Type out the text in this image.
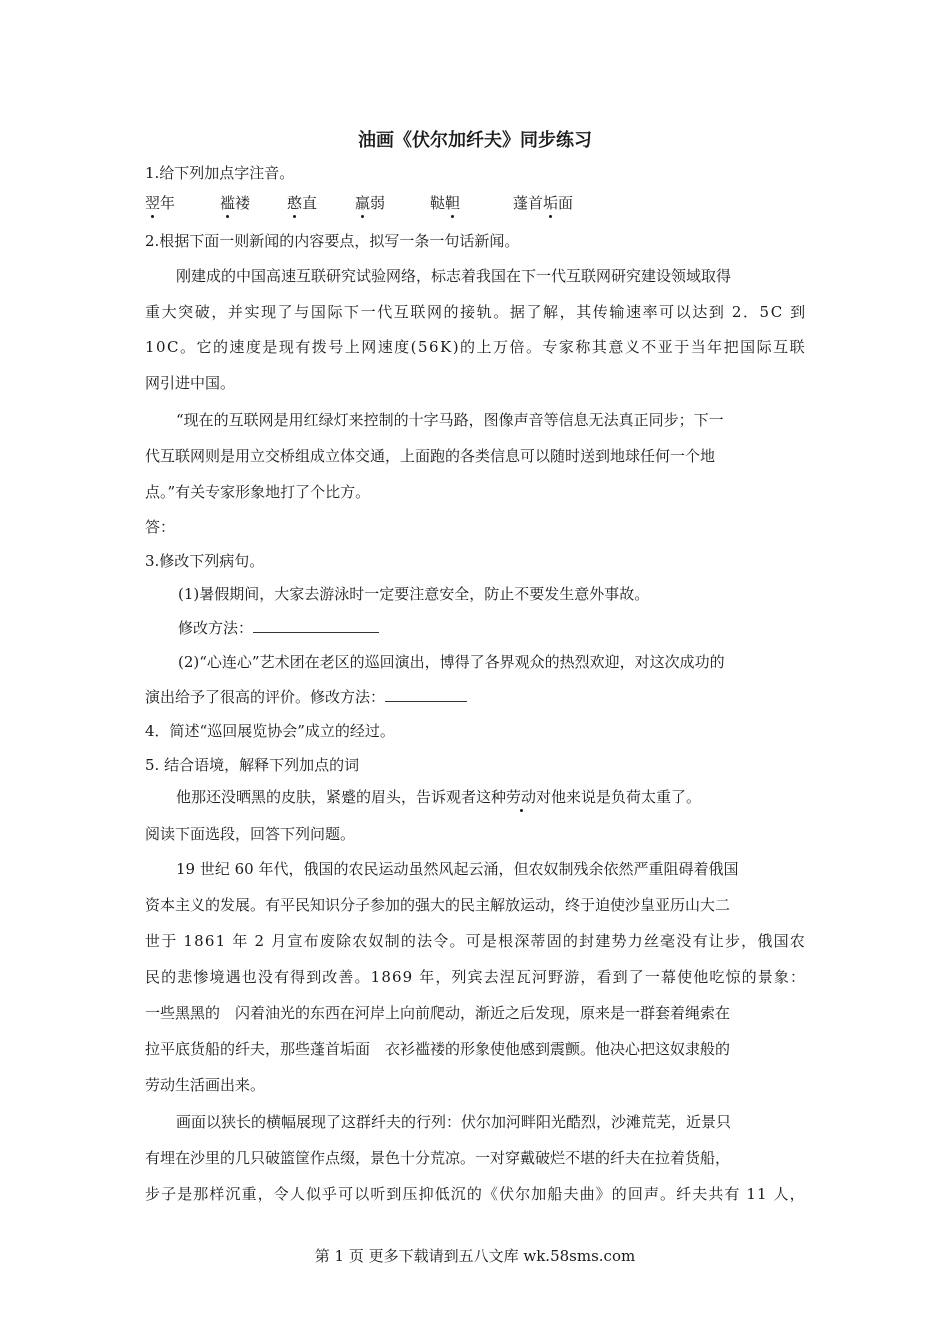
油画《伏尔加纤夫》同步练习
1.给下列加点字注音。
翌年	褴褛 憨直	羸弱	鞑靼	蓬首垢面
2.根据下面一则新闻的内容要点，拟写一条一句话新闻。
刚建成的中国高速互联研究试验网络，标志着我国在下一代互联网研究建设领域取得
重大突破，并实现了与国际下一代互联网的接轨。据了解，其传输速率可以达到 2．5C 到
10C。它的速度是现有拨号上网速度(56K)的上万倍。专家称其意义不亚于当年把国际互联
网引进中国。
“现在的互联网是用红绿灯来控制的十字马路，图像声音等信息无法真正同步；下一
代互联网则是用立交桥组成立体交通，上面跑的各类信息可以随时送到地球任何一个地
点。”有关专家形象地打了个比方。
答：
3.修改下列病句。
(1)暑假期间，大家去游泳时一定要注意安全，防止不要发生意外事故。
修改方法：
(2)“心连心”艺术团在老区的巡回演出，博得了各界观众的热烈欢迎，对这次成功的
演出给予了很高的评价。修改方法：
4．简述“巡回展览协会”成立的经过。
5. 结合语境，解释下列加点的词
他那还没晒黑的皮肤，紧蹙的眉头，告诉观者这种劳动对他来说是负荷太重了。
阅读下面选段，回答下列问题。
19 世纪 60 年代，俄国的农民运动虽然风起云涌，但农奴制残余依然严重阻碍着俄国
资本主义的发展。有平民知识分子参加的强大的民主解放运动，终于迫使沙皇亚历山大二
世于 1861 年 2 月宣布废除农奴制的法令。可是根深蒂固的封建势力丝毫没有让步，俄国农
民的悲惨境遇也没有得到改善。1869 年，列宾去涅瓦河野游，看到了一幕使他吃惊的景象：
一些黑黑的　闪着油光的东西在河岸上向前爬动，渐近之后发现，原来是一群套着绳索在
拉平底货船的纤夫，那些蓬首垢面　衣衫褴褛的形象使他感到震颤。他决心把这奴隶般的
劳动生活画出来。
画面以狭长的横幅展现了这群纤夫的行列：伏尔加河畔阳光酷烈，沙滩荒芜，近景只
有埋在沙里的几只破篮筐作点缀，景色十分荒凉。一对穿戴破烂不堪的纤夫在拉着货船，
步子是那样沉重，令人似乎可以听到压抑低沉的《伏尔加船夫曲》的回声。纤夫共有 11 人，
第 1 页 更多下载请到五八文库 wk.58sms.com
